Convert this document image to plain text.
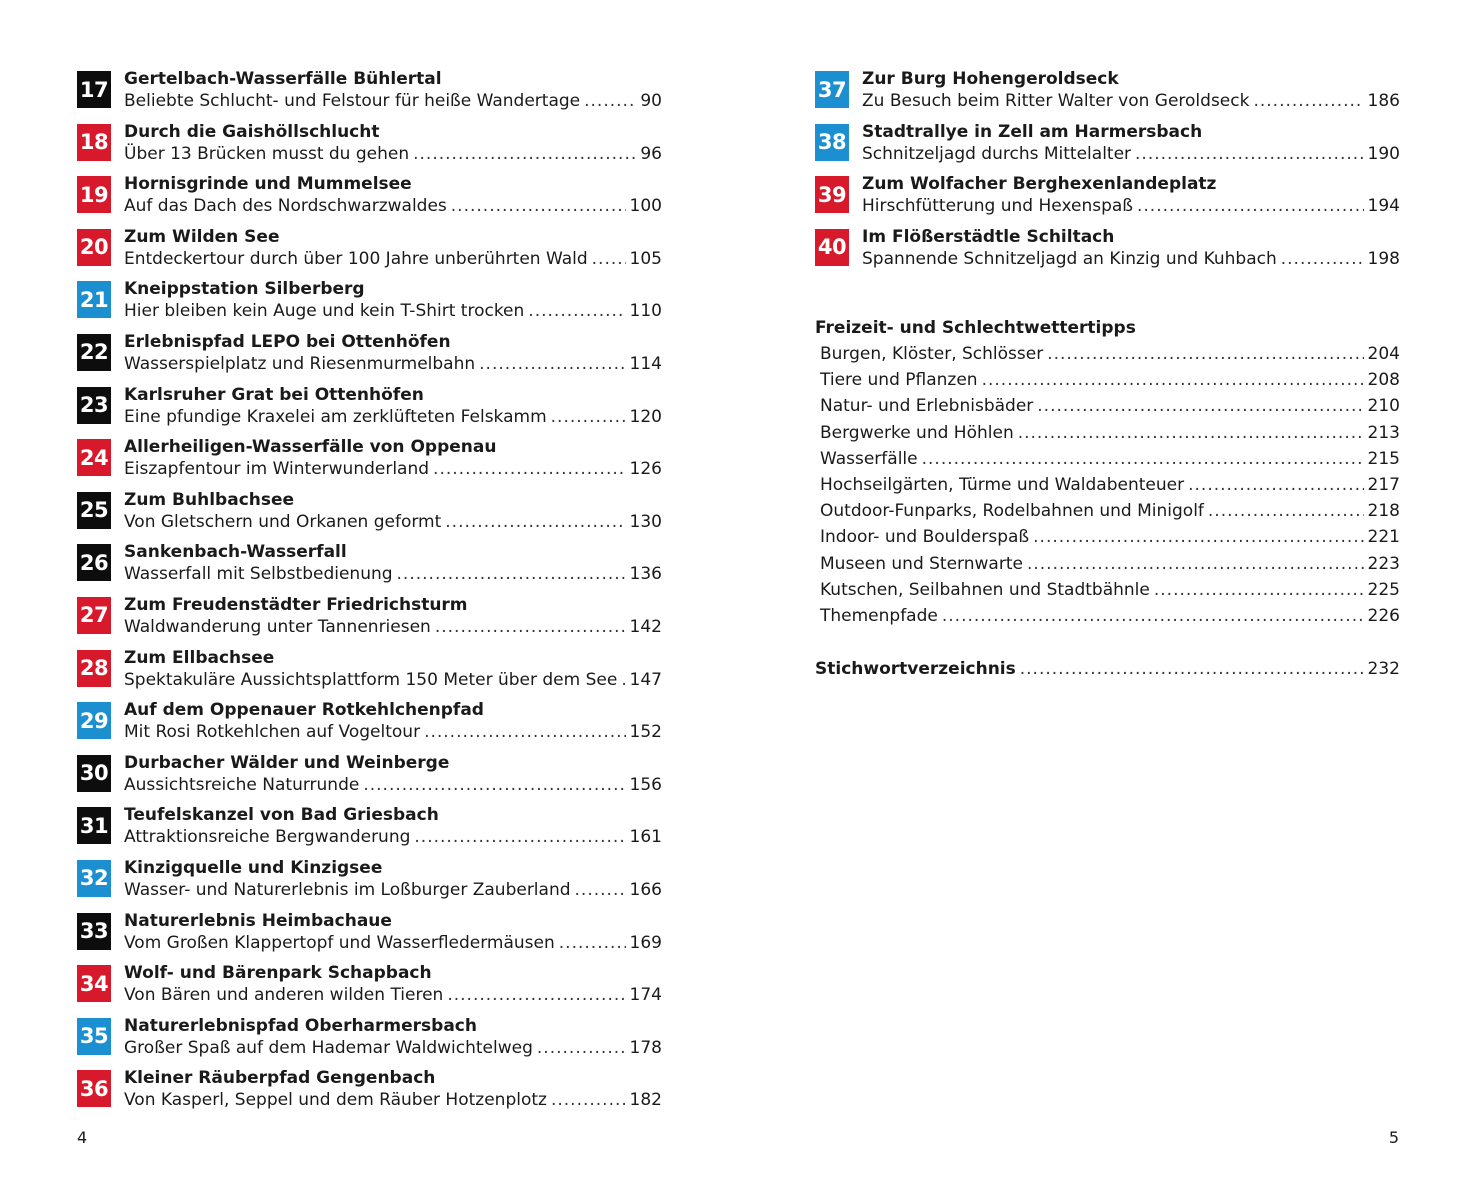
17 Gertelbach-Wasserfälle Bühlertal
Beliebte Schlucht- und Felstour für heiße Wandertage .....	90
18 Durch die Gaishöllschlucht
Über 13 Brücken musst du gehen .....	96
19 Hornisgrinde und Mummelsee
Auf das Dach des Nordschwarzwaldes .....	100
20 Zum Wilden See
Entdeckertour durch über 100 Jahre unberührten Wald ..... 105
21 Kneippstation Silberberg
Hier bleiben kein Auge und kein T-Shirt trocken .....	110
22 Erlebnispfad LEPO bei Ottenhöfen
Wasserspielplatz und Riesenmurmelbahn .....	114
23 Karlsruher Grat bei Ottenhöfen
Eine pfundige Kraxelei am zerklüfteten Felskamm .....	120
24 Allerheiligen-Wasserfälle von Oppenau
Eiszapfentour im Winterwunderland .....	126
25 Zum Buhlbachsee
Von Gletschern und Orkanen geformt .....	130
26 Sankenbach-Wasserfall
Wasserfall mit Selbstbedienung .....	136
27 Zum Freudenstädter Friedrichsturm
Waldwanderung unter Tannenriesen .....	142
28 Zum Ellbachsee
Spektakuläre Aussichtsplattform 150 Meter über dem See ..... 147
29 Auf dem Oppenauer Rotkehlchenpfad
Mit Rosi Rotkehlchen auf Vogeltour .....	152
30 Durbacher Wälder und Weinberge
Aussichtsreiche Naturrunde .....	156
31 Teufelskanzel von Bad Griesbach
Attraktionsreiche Bergwanderung .....	161
32 Kinzigquelle und Kinzigsee
Wasser- und Naturerlebnis im Loßburger Zauberland .....	166
33 Naturerlebnis Heimbachaue
Vom Großen Klappertopf und Wasserfledermäusen .....	169
34 Wolf- und Bärenpark Schapbach
Von Bären und anderen wilden Tieren .....	174
35 Naturerlebnispfad Oberharmersbach
Großer Spaß auf dem Hademar Waldwichtelweg .....	178
36 Kleiner Räuberpfad Gengenbach
Von Kasperl, Seppel und dem Räuber Hotzenplotz .....	182
4
37 Zur Burg Hohengeroldseck
Zu Besuch beim Ritter Walter von Geroldseck .....	186
38 Stadtrallye in Zell am Harmersbach
Schnitzeljagd durchs Mittelalter .....	190
39 Zum Wolfacher Berghexenlandeplatz
Hirschfütterung und Hexenspaß .....	194
40 Im Flößerstädtle Schiltach
Spannende Schnitzeljagd an Kinzig und Kuhbach .....	198
Freizeit- und Schlechtwettertipps
Burgen, Klöster, Schlösser .....	204
Tiere und Pflanzen .....	208
Natur- und Erlebnisbäder .....	210
Bergwerke und Höhlen .....	213
Wasserfälle .....	215
Hochseilgärten, Türme und Waldabenteuer .....	217
Outdoor-Funparks, Rodelbahnen und Minigolf .....	218
Indoor- und Boulderspaß .....	221
Museen und Sternwarte .....	223
Kutschen, Seilbahnen und Stadtbähnle .....	225
Themenpfade .....	226
Stichwortverzeichnis .....	232
5
